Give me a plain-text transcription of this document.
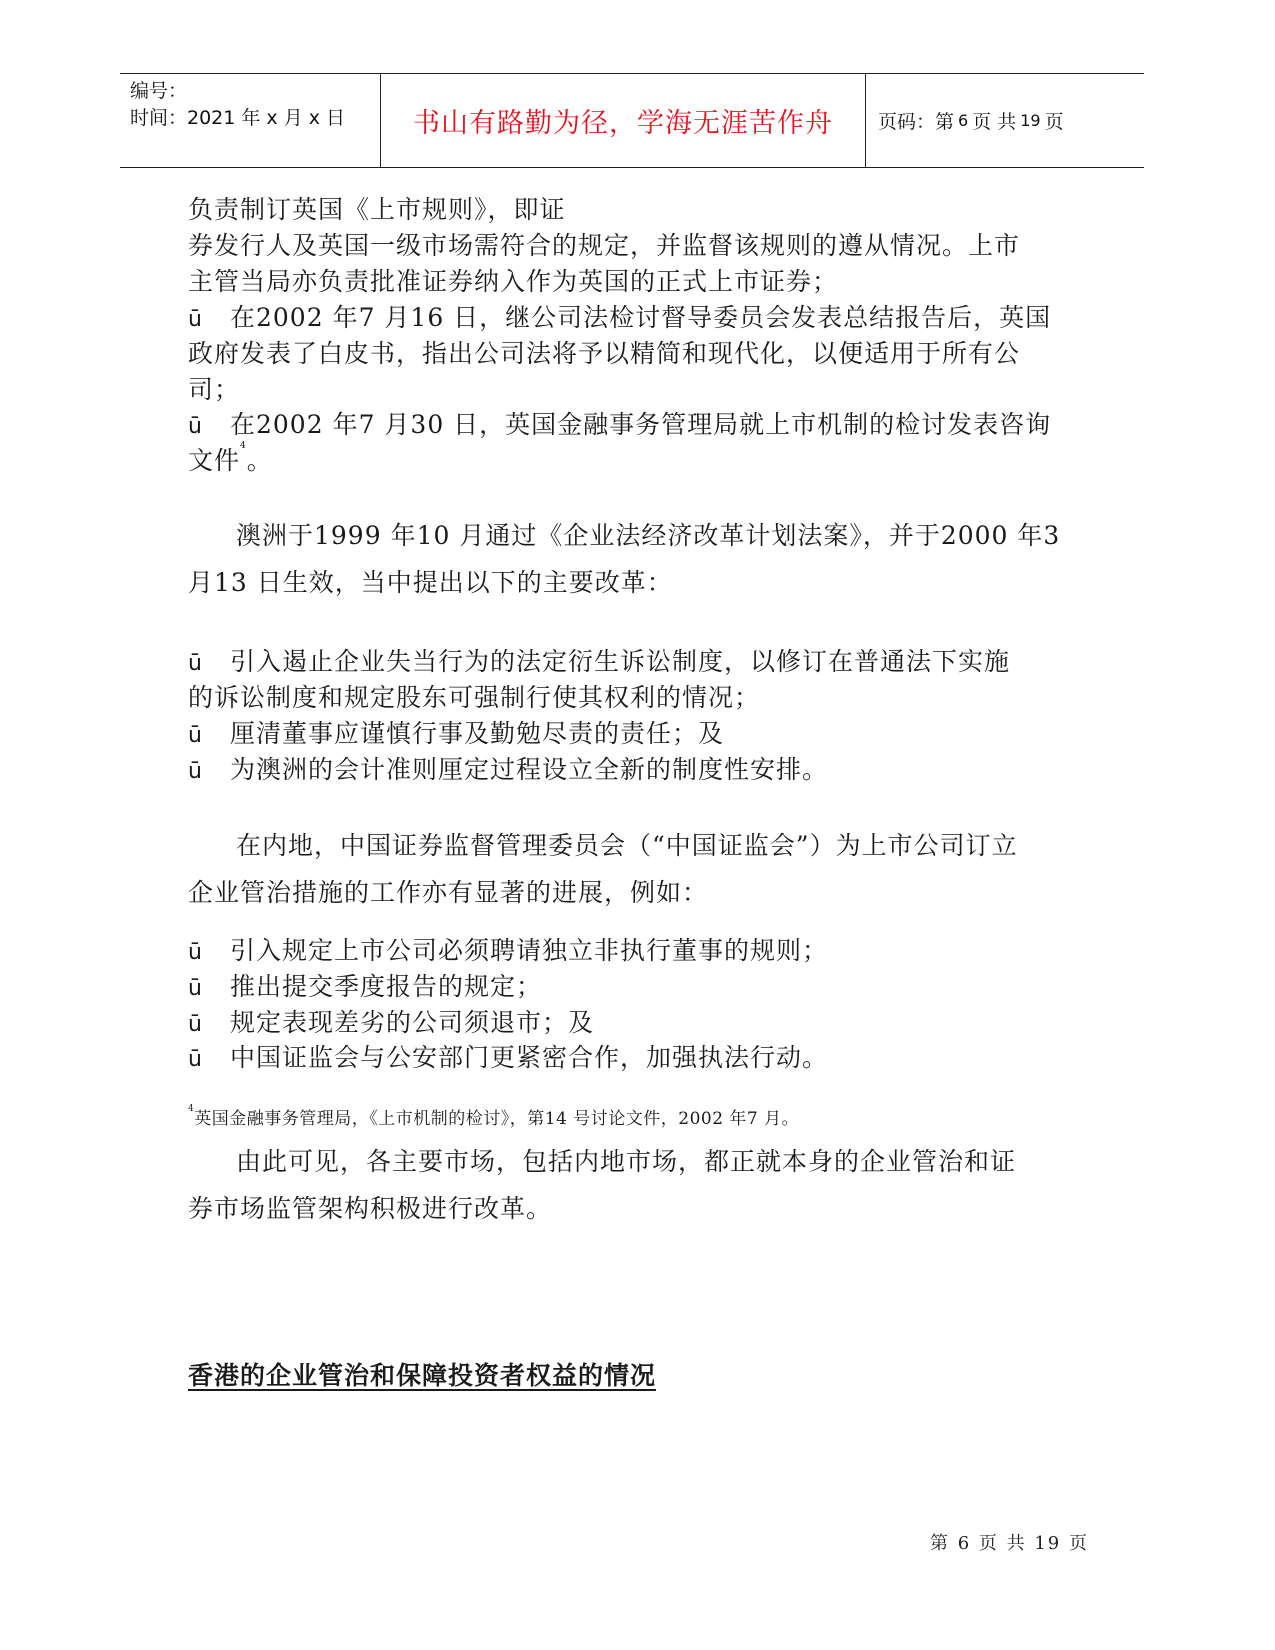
编号：
时间：2021 年 x 月 x 日	书山有路勤为径，学海无涯苦作舟	页码：第 6 页 共 19 页
负责制订英国《上市规则》，即证
券发行人及英国一级市场需符合的规定，并监督该规则的遵从情况。上市
主管当局亦负责批准证券纳入作为英国的正式上市证券；
ū 在2002 年7 月16 日，继公司法检讨督导委员会发表总结报告后，英国
政府发表了白皮书，指出公司法将予以精简和现代化，以便适用于所有公
司；
ū 在2002 年7 月30 日，英国金融事务管理局就上市机制的检讨发表咨询
文件$^4$。
澳洲于1999 年10 月通过《企业法经济改革计划法案》，并于2000 年3
月13 日生效，当中提出以下的主要改革：
ū 引入遏止企业失当行为的法定衍生诉讼制度，以修订在普通法下实施
的诉讼制度和规定股东可强制行使其权利的情况；
ū 厘清董事应谨慎行事及勤勉尽责的责任；及
ū 为澳洲的会计准则厘定过程设立全新的制度性安排。
在内地，中国证券监督管理委员会（“中国证监会”）为上市公司订立
企业管治措施的工作亦有显著的进展，例如：
ū 引入规定上市公司必须聘请独立非执行董事的规则；
ū 推出提交季度报告的规定；
ū 规定表现差劣的公司须退市；及
ū 中国证监会与公安部门更紧密合作，加强执法行动。
$^4$英国金融事务管理局，《上市机制的检讨》，第14 号讨论文件，2002 年7 月。
由此可见，各主要市场，包括内地市场，都正就本身的企业管治和证
券市场监管架构积极进行改革。
香港的企业管治和保障投资者权益的情况
第 6 页 共 19 页
